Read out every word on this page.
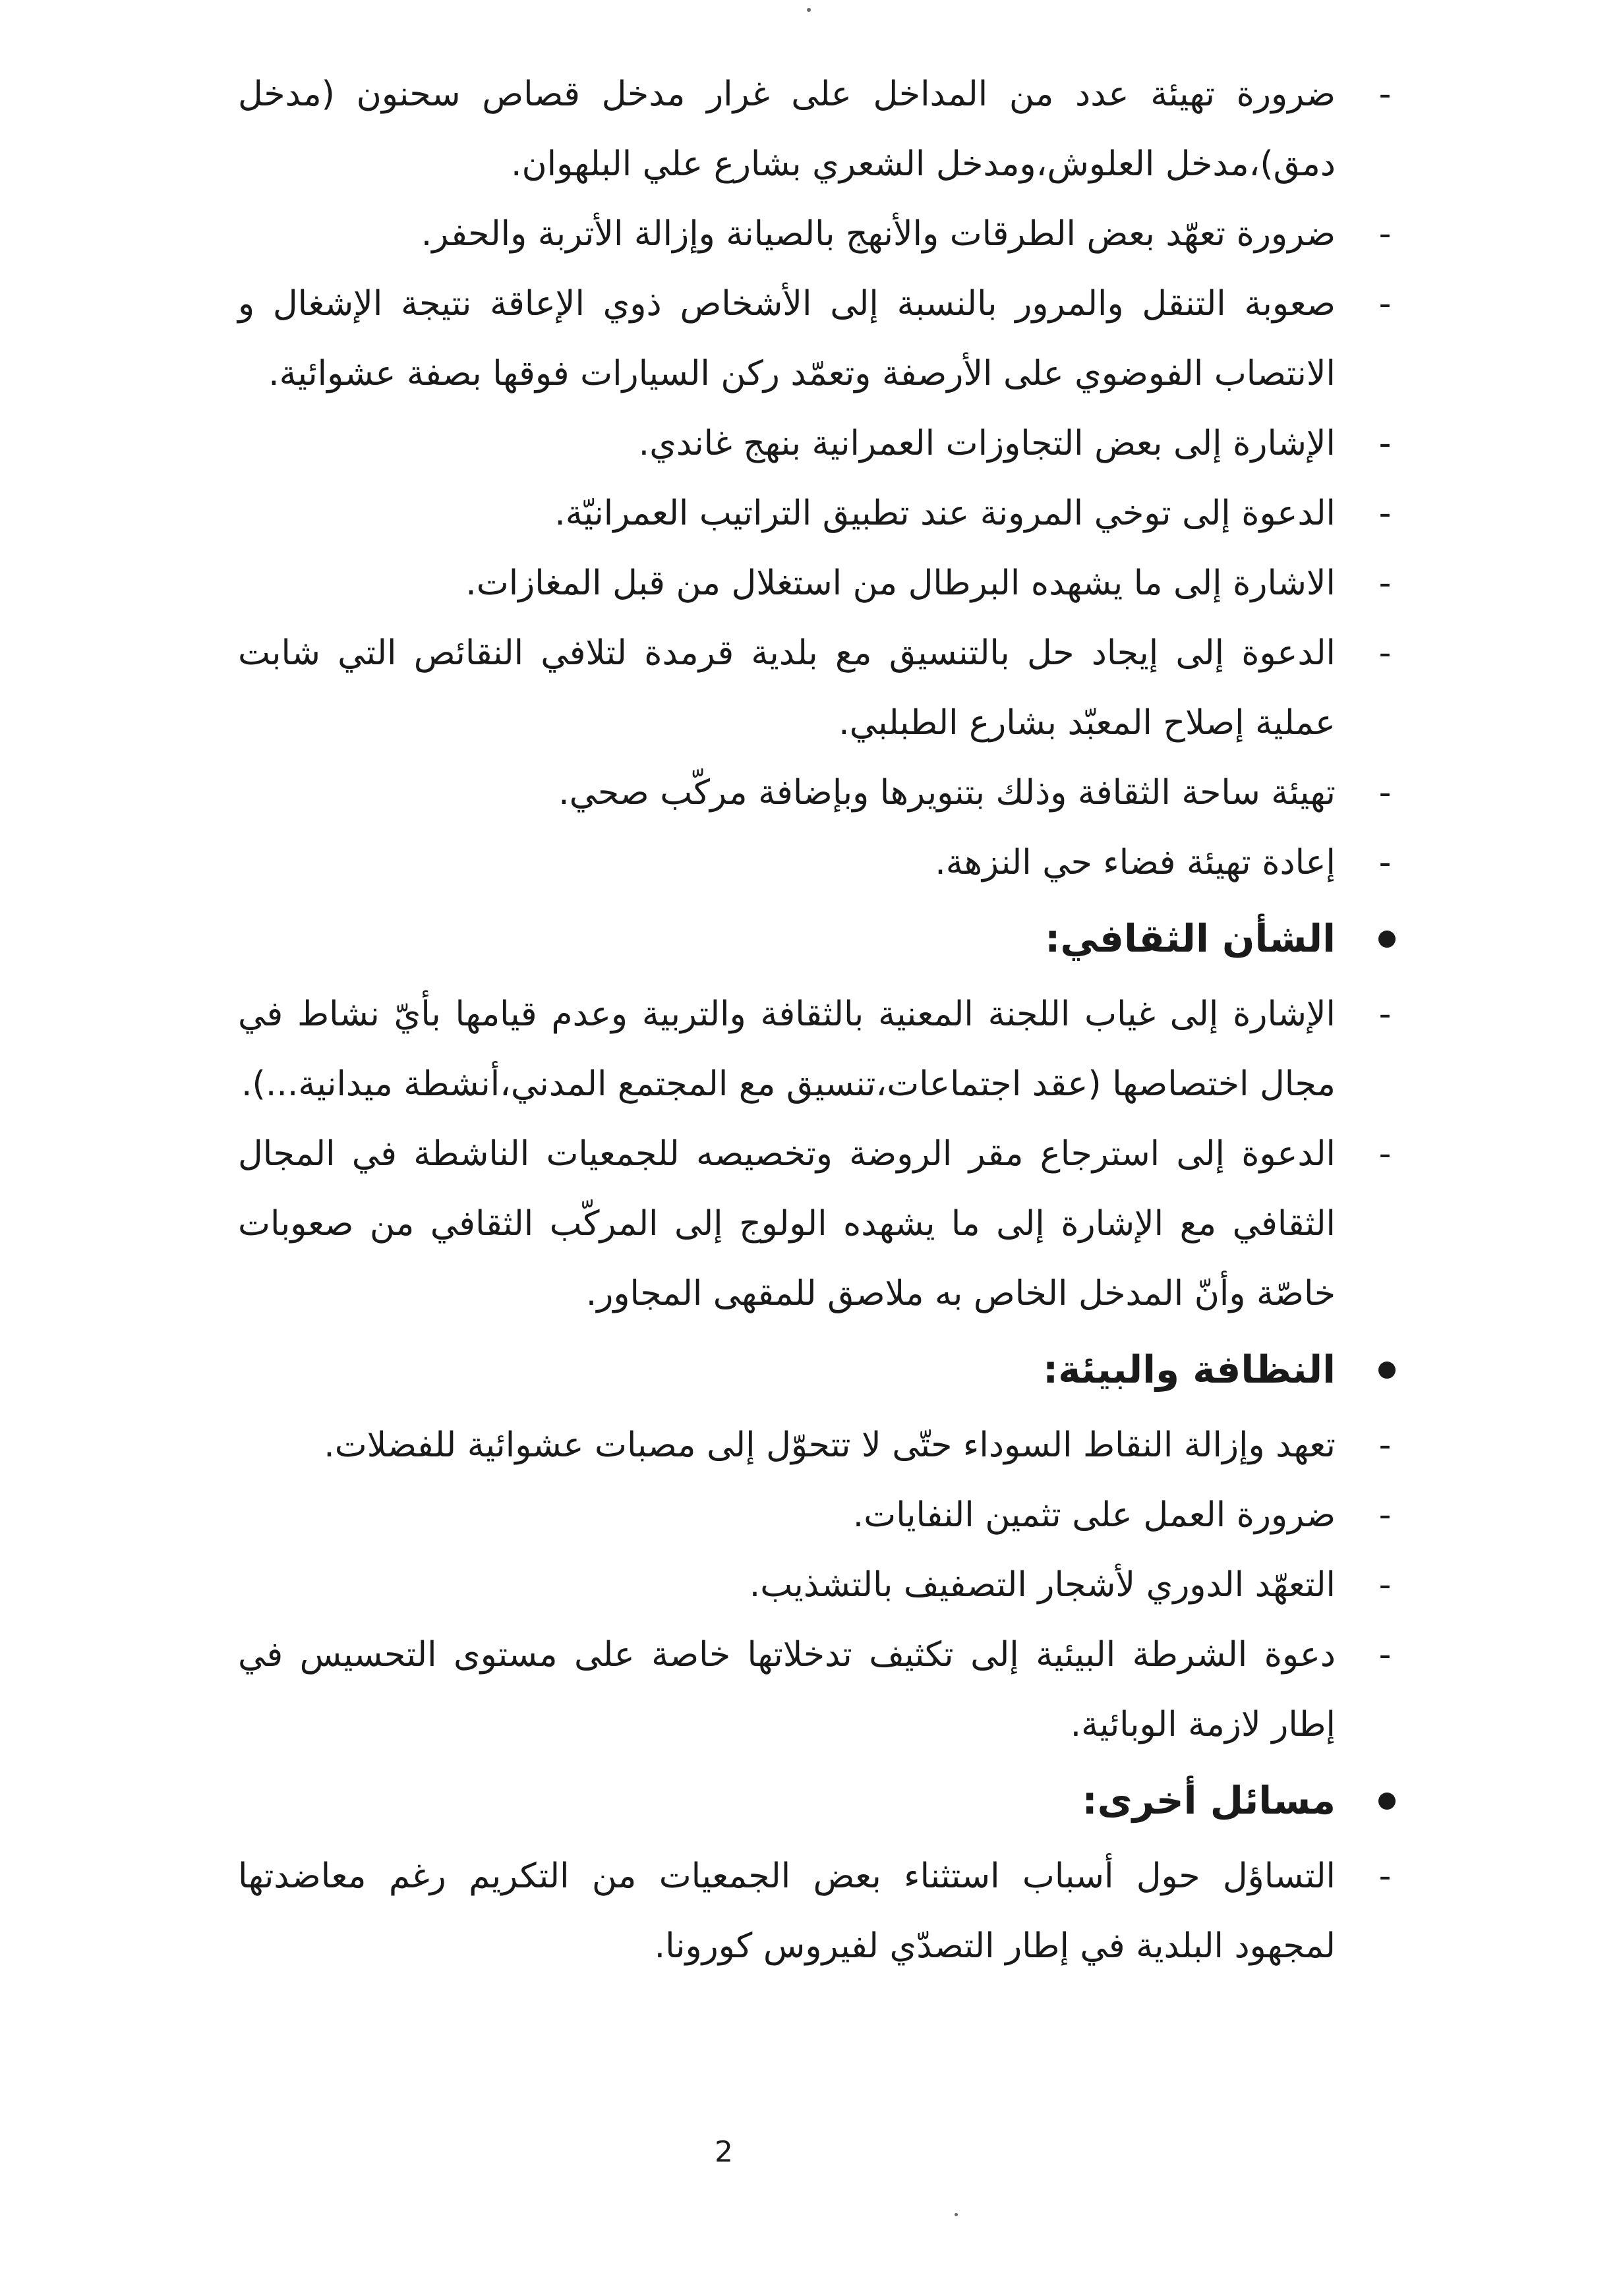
-
ضرورة تهيئة عدد من المداخل على غرار مدخل قصاص سحنون (مدخل دمق)،مدخل العلوش،ومدخل الشعري بشارع علي البلهوان.

-
ضرورة تعهّد بعض الطرقات والأنهج بالصيانة وإزالة الأتربة والحفر.

-
صعوبة التنقل والمرور بالنسبة إلى الأشخاص ذوي الإعاقة نتيجة الإشغال و الانتصاب الفوضوي على الأرصفة وتعمّد ركن السيارات فوقها بصفة عشوائية.

-
الإشارة إلى بعض التجاوزات العمرانية بنهج غاندي.

-
الدعوة إلى توخي المرونة عند تطبيق التراتيب العمرانيّة.

-
الاشارة إلى ما يشهده البرطال من استغلال من قبل المغازات.

-
الدعوة إلى إيجاد حل بالتنسيق مع بلدية قرمدة لتلافي النقائص التي شابت عملية إصلاح المعبّد بشارع الطبلبي.

-
تهيئة ساحة الثقافة وذلك بتنويرها وبإضافة مركّب صحي.

-
إعادة تهيئة فضاء حي النزهة.

الشأن الثقافي:

-
الإشارة إلى غياب اللجنة المعنية بالثقافة والتربية وعدم قيامها بأيّ نشاط في مجال اختصاصها (عقد اجتماعات،تنسيق مع المجتمع المدني،أنشطة ميدانية...).

-
الدعوة إلى استرجاع مقر الروضة وتخصيصه للجمعيات الناشطة في المجال الثقافي مع الإشارة إلى ما يشهده الولوج إلى المركّب الثقافي من صعوبات خاصّة وأنّ المدخل الخاص به ملاصق للمقهى المجاور.

النظافة والبيئة:

-
تعهد وإزالة النقاط السوداء حتّى لا تتحوّل إلى مصبات عشوائية للفضلات.

-
ضرورة العمل على تثمين النفايات.

-
التعهّد الدوري لأشجار التصفيف بالتشذيب.

-
دعوة الشرطة البيئية إلى تكثيف تدخلاتها خاصة على مستوى التحسيس في إطار لازمة الوبائية.

مسائل أخرى:

-
التساؤل حول أسباب استثناء بعض الجمعيات من التكريم رغم معاضدتها لمجهود البلدية في إطار التصدّي لفيروس كورونا.

2
